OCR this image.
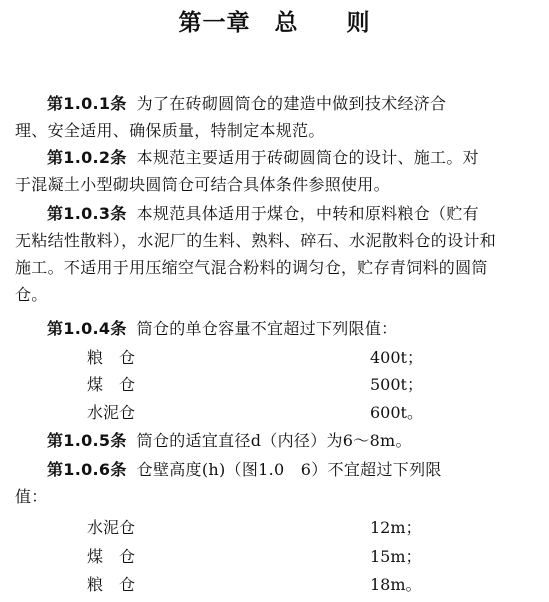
第一章　总　　则
第1.0.1条 为了在砖砌圆筒仓的建造中做到技术经济合
理、安全适用、确保质量，特制定本规范。
第1.0.2条 本规范主要适用于砖砌圆筒仓的设计、施工。对
于混凝土小型砌块圆筒仓可结合具体条件参照使用。
第1.0.3条 本规范具体适用于煤仓，中转和原料粮仓（贮有
无粘结性散料），水泥厂的生料、熟料、碎石、水泥散料仓的设计和
施工。不适用于用压缩空气混合粉料的调匀仓，贮存青饲料的圆筒
仓。
第1.0.4条 筒仓的单仓容量不宜超过下列限值：
粮　仓	400t；
煤　仓	500t；
水泥仓	600t。
第1.0.5条 筒仓的适宜直径d（内径）为6～8m。
第1.0.6条 仓壁高度(h)（图1.0　6）不宜超过下列限
值：
水泥仓	12m；
煤　仓	15m；
粮　仓	18m。
